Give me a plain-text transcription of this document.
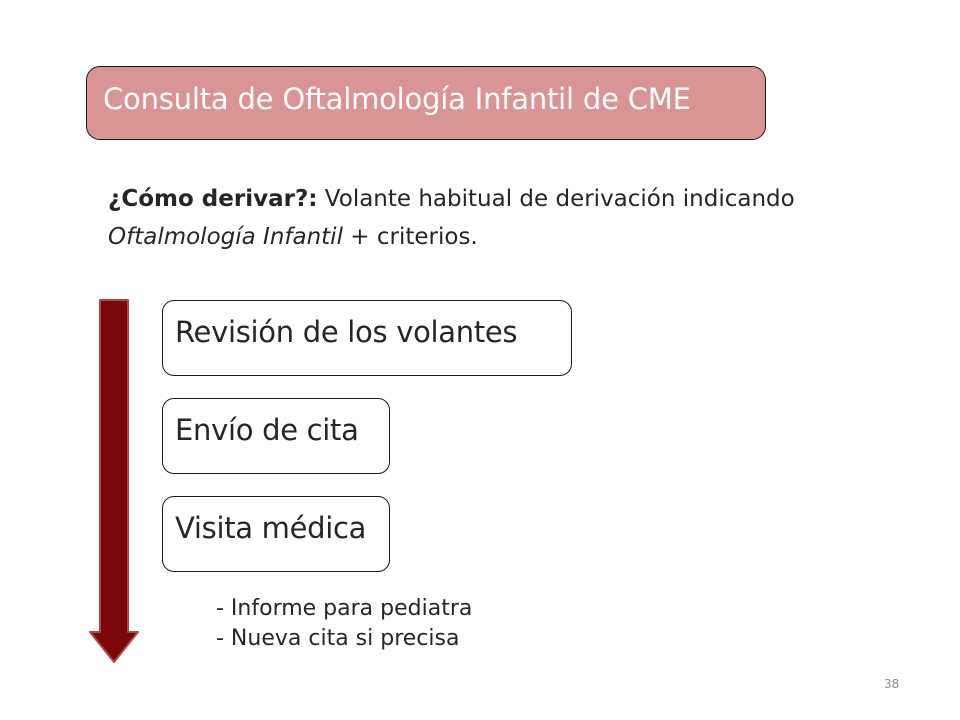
Consulta de Oftalmología Infantil de CME
¿Cómo derivar?: Volante habitual de derivación indicando Oftalmología Infantil + criterios.
Revisión de los volantes
Envío de cita
Visita médica
- Informe para pediatra
- Nueva cita si precisa
38
